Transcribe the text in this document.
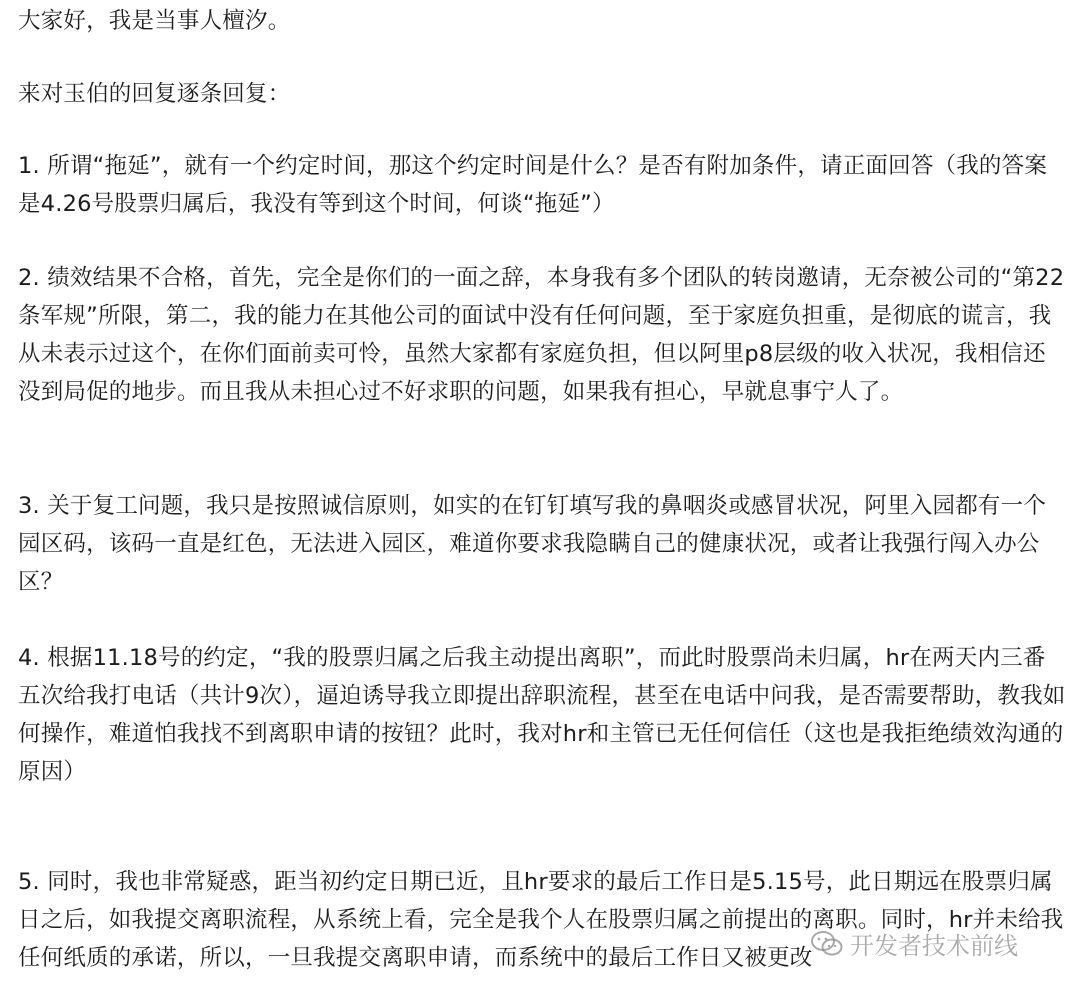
大家好，我是当事人檀汐。

来对玉伯的回复逐条回复：

1. 所谓“拖延”，就有一个约定时间，那这个约定时间是什么？是否有附加条件，请正面回答（我的答案是4.26号股票归属后，我没有等到这个时间，何谈“拖延”）

2. 绩效结果不合格，首先，完全是你们的一面之辞，本身我有多个团队的转岗邀请，无奈被公司的“第22条军规”所限，第二，我的能力在其他公司的面试中没有任何问题，至于家庭负担重，是彻底的谎言，我从未表示过这个，在你们面前卖可怜，虽然大家都有家庭负担，但以阿里p8层级的收入状况，我相信还没到局促的地步。而且我从未担心过不好求职的问题，如果我有担心，早就息事宁人了。

3. 关于复工问题，我只是按照诚信原则，如实的在钉钉填写我的鼻咽炎或感冒状况，阿里入园都有一个园区码，该码一直是红色，无法进入园区，难道你要求我隐瞒自己的健康状况，或者让我强行闯入办公区？

4. 根据11.18号的约定，“我的股票归属之后我主动提出离职”，而此时股票尚未归属，hr在两天内三番五次给我打电话（共计9次），逼迫诱导我立即提出辞职流程，甚至在电话中问我，是否需要帮助，教我如何操作，难道怕我找不到离职申请的按钮？此时，我对hr和主管已无任何信任（这也是我拒绝绩效沟通的原因）

5. 同时，我也非常疑惑，距当初约定日期已近，且hr要求的最后工作日是5.15号，此日期远在股票归属日之后，如我提交离职流程，从系统上看，完全是我个人在股票归属之前提出的离职。同时，hr并未给我任何纸质的承诺，所以，一旦我提交离职申请，而系统中的最后工作日又被更改	开发者技术前线
